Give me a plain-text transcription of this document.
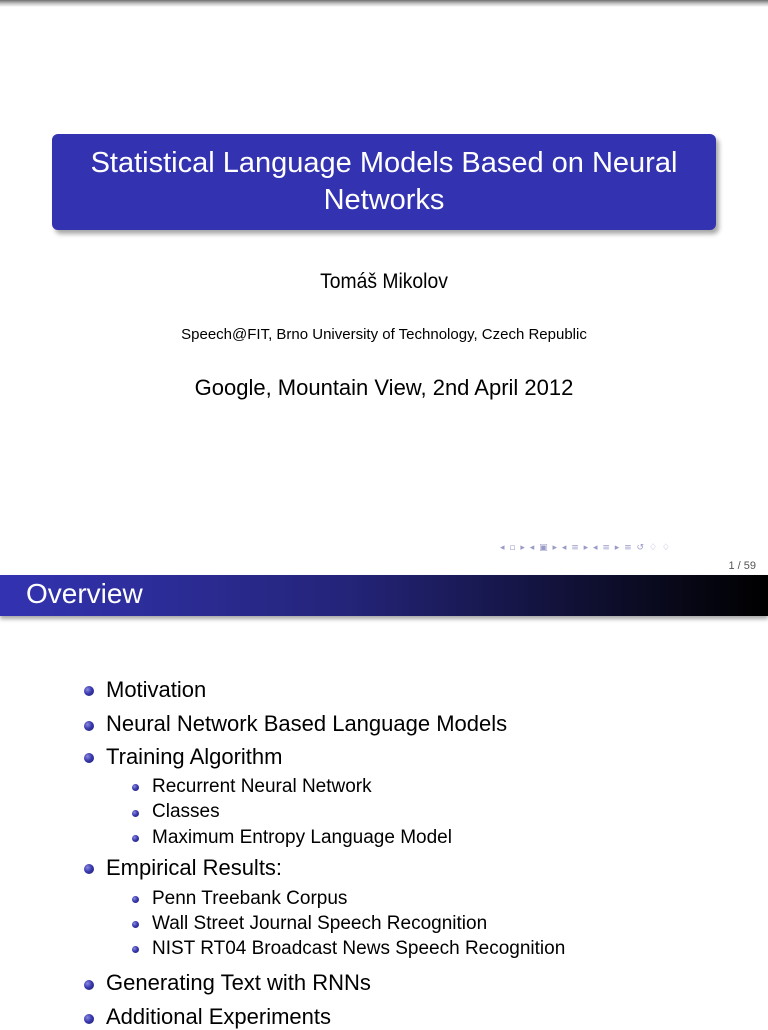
Statistical Language Models Based on Neural Networks
Tomáš Mikolov
Speech@FIT, Brno University of Technology, Czech Republic
Google, Mountain View, 2nd April 2012
◂ ▫ ▸ ◂ ▣ ▸ ◂ ≡ ▸ ◂ ≡ ▸ ≡ ↺ ♢ ♢
1 / 59
Overview
Motivation
Neural Network Based Language Models
Training Algorithm
Recurrent Neural Network
Classes
Maximum Entropy Language Model
Empirical Results:
Penn Treebank Corpus
Wall Street Journal Speech Recognition
NIST RT04 Broadcast News Speech Recognition
Generating Text with RNNs
Additional Experiments
